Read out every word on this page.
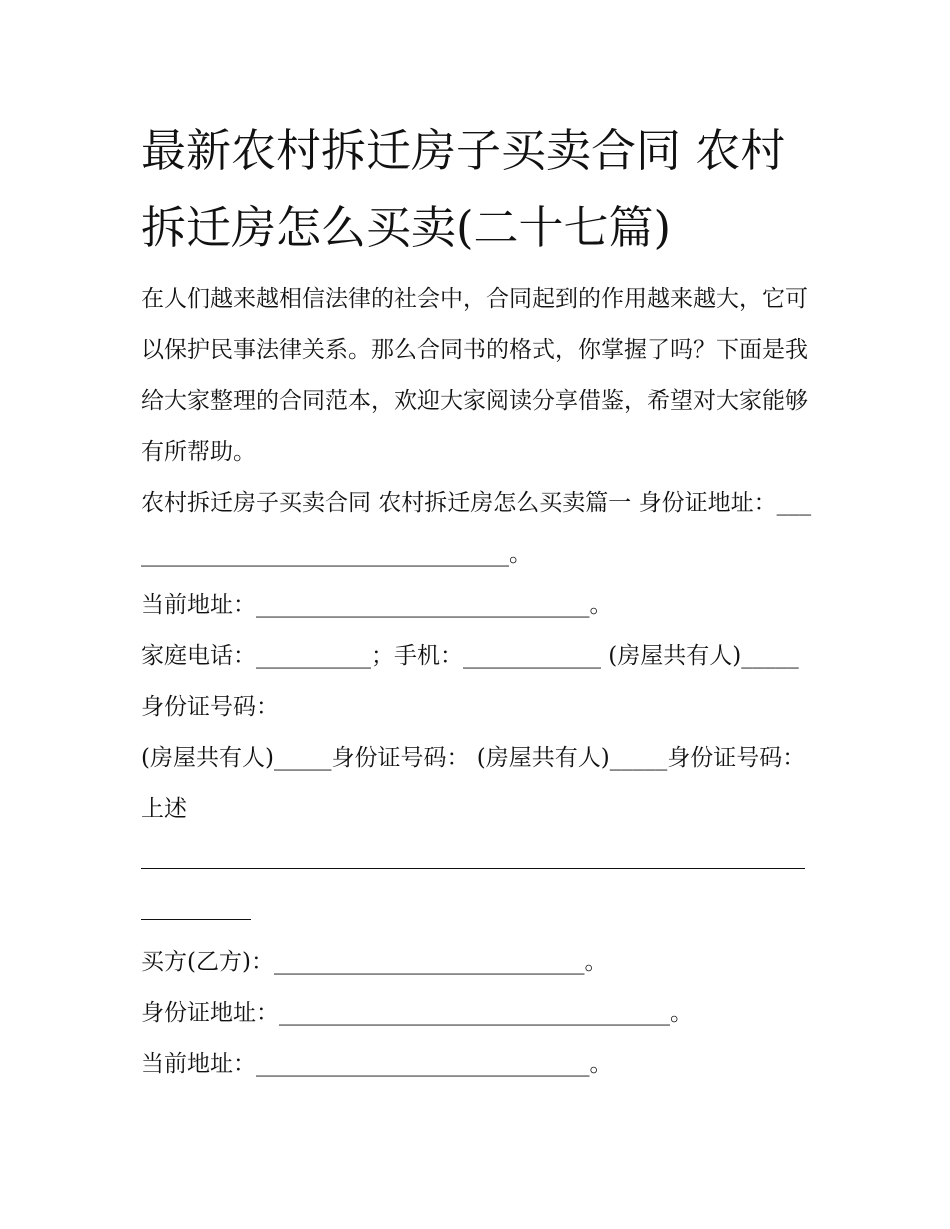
最新农村拆迁房子买卖合同 农村拆迁房怎么买卖(二十七篇)

在人们越来越相信法律的社会中，合同起到的作用越来越大，它可以保护民事法律关系。那么合同书的格式，你掌握了吗？下面是我给大家整理的合同范本，欢迎大家阅读分享借鉴，希望对大家能够有所帮助。

农村拆迁房子买卖合同 农村拆迁房怎么买卖篇一 身份证地址：___________________________________。

当前地址：_____________________________。

家庭电话：__________；手机：____________ (房屋共有人)_____身份证号码：

(房屋共有人)_____身份证号码： (房屋共有人)_____身份证号码：

上述

买方(乙方)：___________________________。

身份证地址：__________________________________。

当前地址：_____________________________。
